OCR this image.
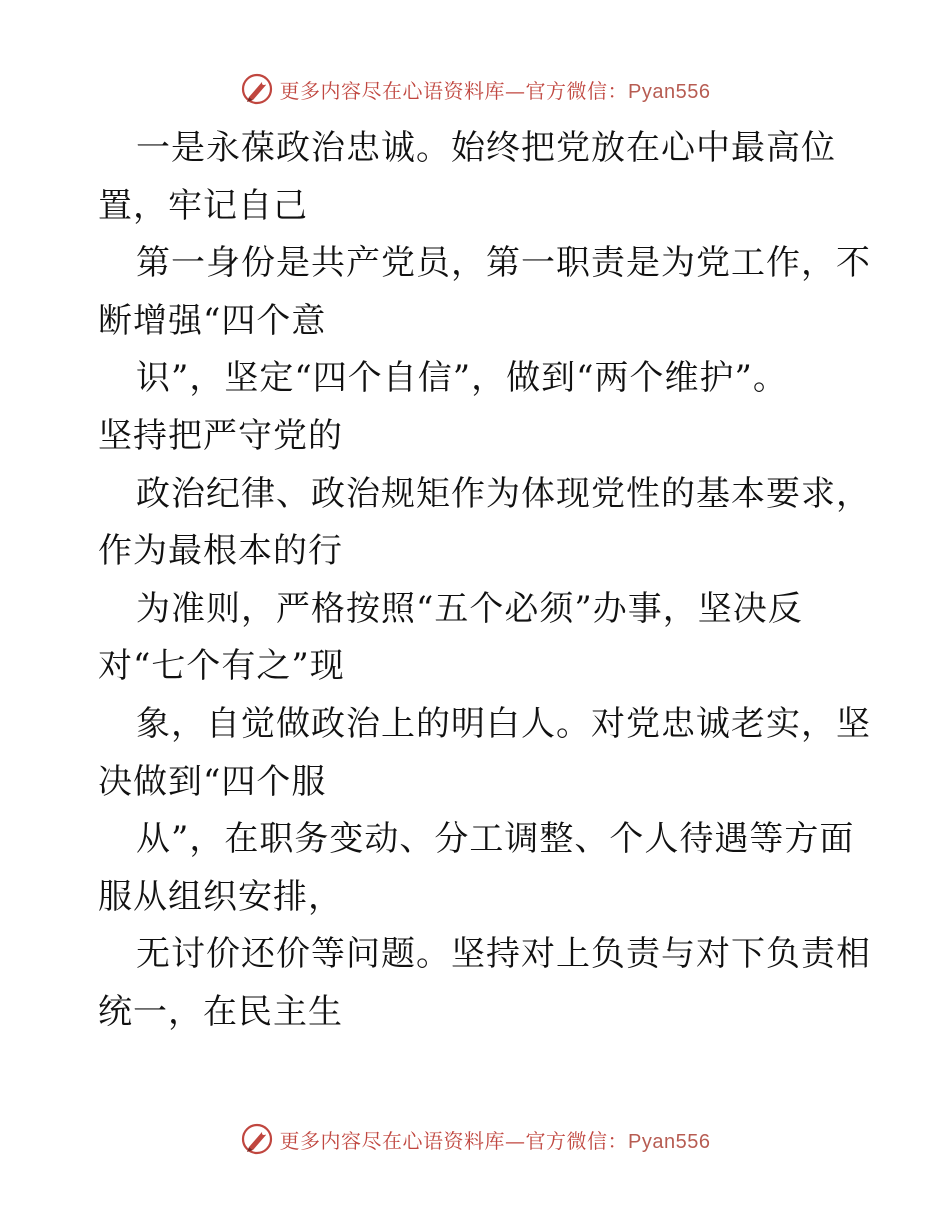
更多内容尽在心语资料库—官方微信：Pyan556
一是永葆政治忠诚。始终把党放在心中最高位
置，牢记自己
第一身份是共产党员，第一职责是为党工作，不
断增强“四个意
识”，坚定“四个自信”，做到“两个维护”。
坚持把严守党的
政治纪律、政治规矩作为体现党性的基本要求，
作为最根本的行
为准则，严格按照“五个必须”办事，坚决反
对“七个有之”现
象，自觉做政治上的明白人。对党忠诚老实，坚
决做到“四个服
从”，在职务变动、分工调整、个人待遇等方面
服从组织安排，
无讨价还价等问题。坚持对上负责与对下负责相
统一，在民主生
更多内容尽在心语资料库—官方微信：Pyan556
